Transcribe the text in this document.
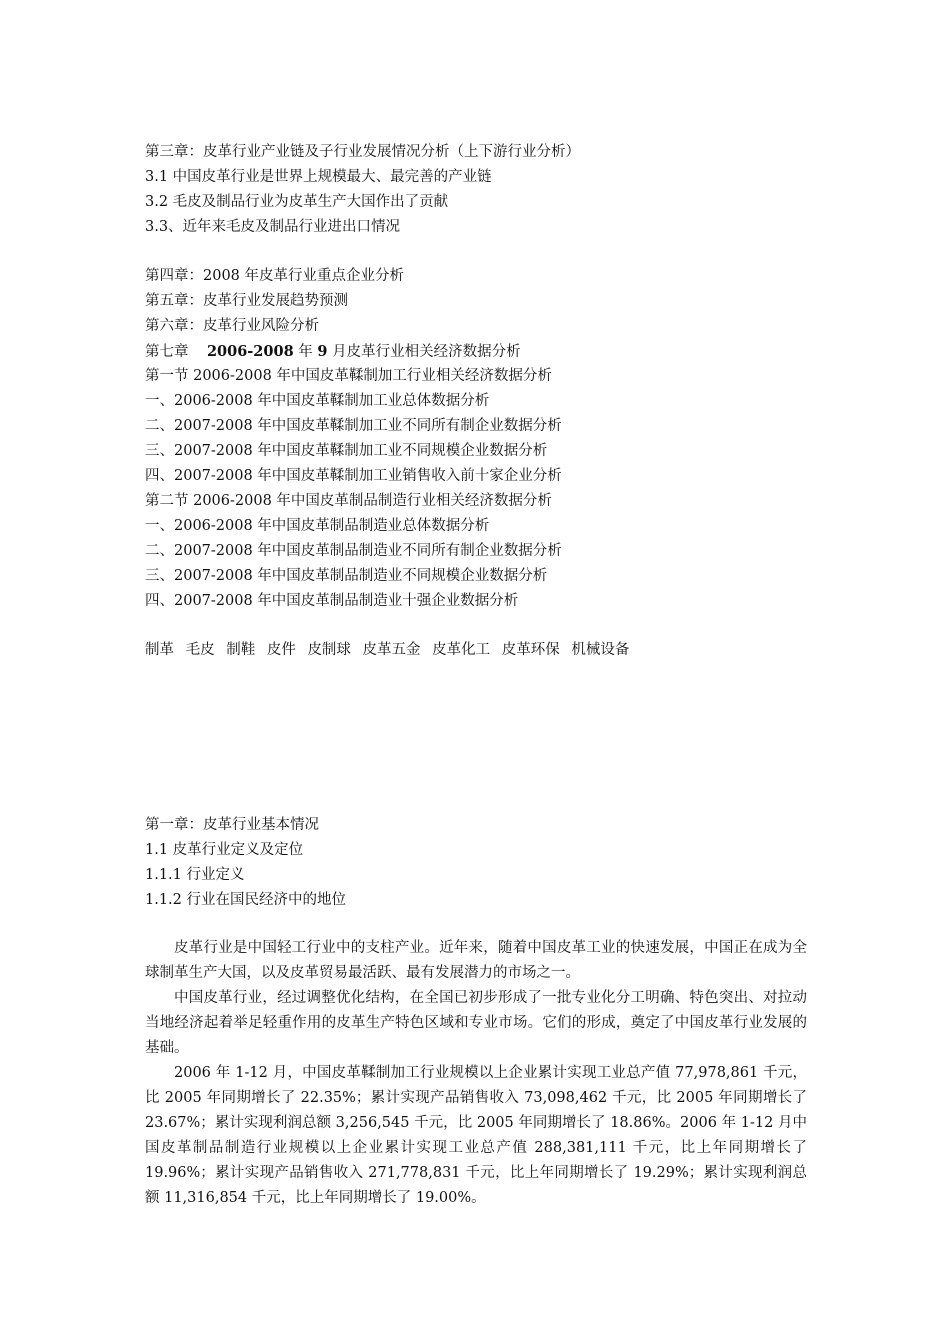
第三章：皮革行业产业链及子行业发展情况分析（上下游行业分析）
3.1 中国皮革行业是世界上规模最大、最完善的产业链
3.2 毛皮及制品行业为皮革生产大国作出了贡献
3.3、近年来毛皮及制品行业进出口情况
第四章：2008 年皮革行业重点企业分析
第五章：皮革行业发展趋势预测
第六章：皮革行业风险分析
第七章    2006-2008 年 9 月皮革行业相关经济数据分析
第一节 2006-2008 年中国皮革鞣制加工行业相关经济数据分析
一、2006-2008 年中国皮革鞣制加工业总体数据分析
二、2007-2008 年中国皮革鞣制加工业不同所有制企业数据分析
三、2007-2008 年中国皮革鞣制加工业不同规模企业数据分析
四、2007-2008 年中国皮革鞣制加工业销售收入前十家企业分析
第二节 2006-2008 年中国皮革制品制造行业相关经济数据分析
一、2006-2008 年中国皮革制品制造业总体数据分析
二、2007-2008 年中国皮革制品制造业不同所有制企业数据分析
三、2007-2008 年中国皮革制品制造业不同规模企业数据分析
四、2007-2008 年中国皮革制品制造业十强企业数据分析
制革 毛皮 制鞋 皮件 皮制球 皮革五金 皮革化工 皮革环保 机械设备
第一章：皮革行业基本情况
1.1 皮革行业定义及定位
1.1.1 行业定义
1.1.2 行业在国民经济中的地位

皮革行业是中国轻工行业中的支柱产业。近年来，随着中国皮革工业的快速发展，中国正在成为全球制革生产大国，以及皮革贸易最活跃、最有发展潜力的市场之一。

中国皮革行业，经过调整优化结构，在全国已初步形成了一批专业化分工明确、特色突出、对拉动当地经济起着举足轻重作用的皮革生产特色区域和专业市场。它们的形成，奠定了中国皮革行业发展的基础。

2006 年 1-12 月，中国皮革鞣制加工行业规模以上企业累计实现工业总产值 77,978,861 千元，比 2005 年同期增长了 22.35%；累计实现产品销售收入 73,098,462 千元，比 2005 年同期增长了 23.67%；累计实现利润总额 3,256,545 千元，比 2005 年同期增长了 18.86%。2006 年 1-12 月中国皮革制品制造行业规模以上企业累计实现工业总产值 288,381,111 千元，比上年同期增长了 19.96%；累计实现产品销售收入 271,778,831 千元，比上年同期增长了 19.29%；累计实现利润总额 11,316,854 千元，比上年同期增长了 19.00%。
